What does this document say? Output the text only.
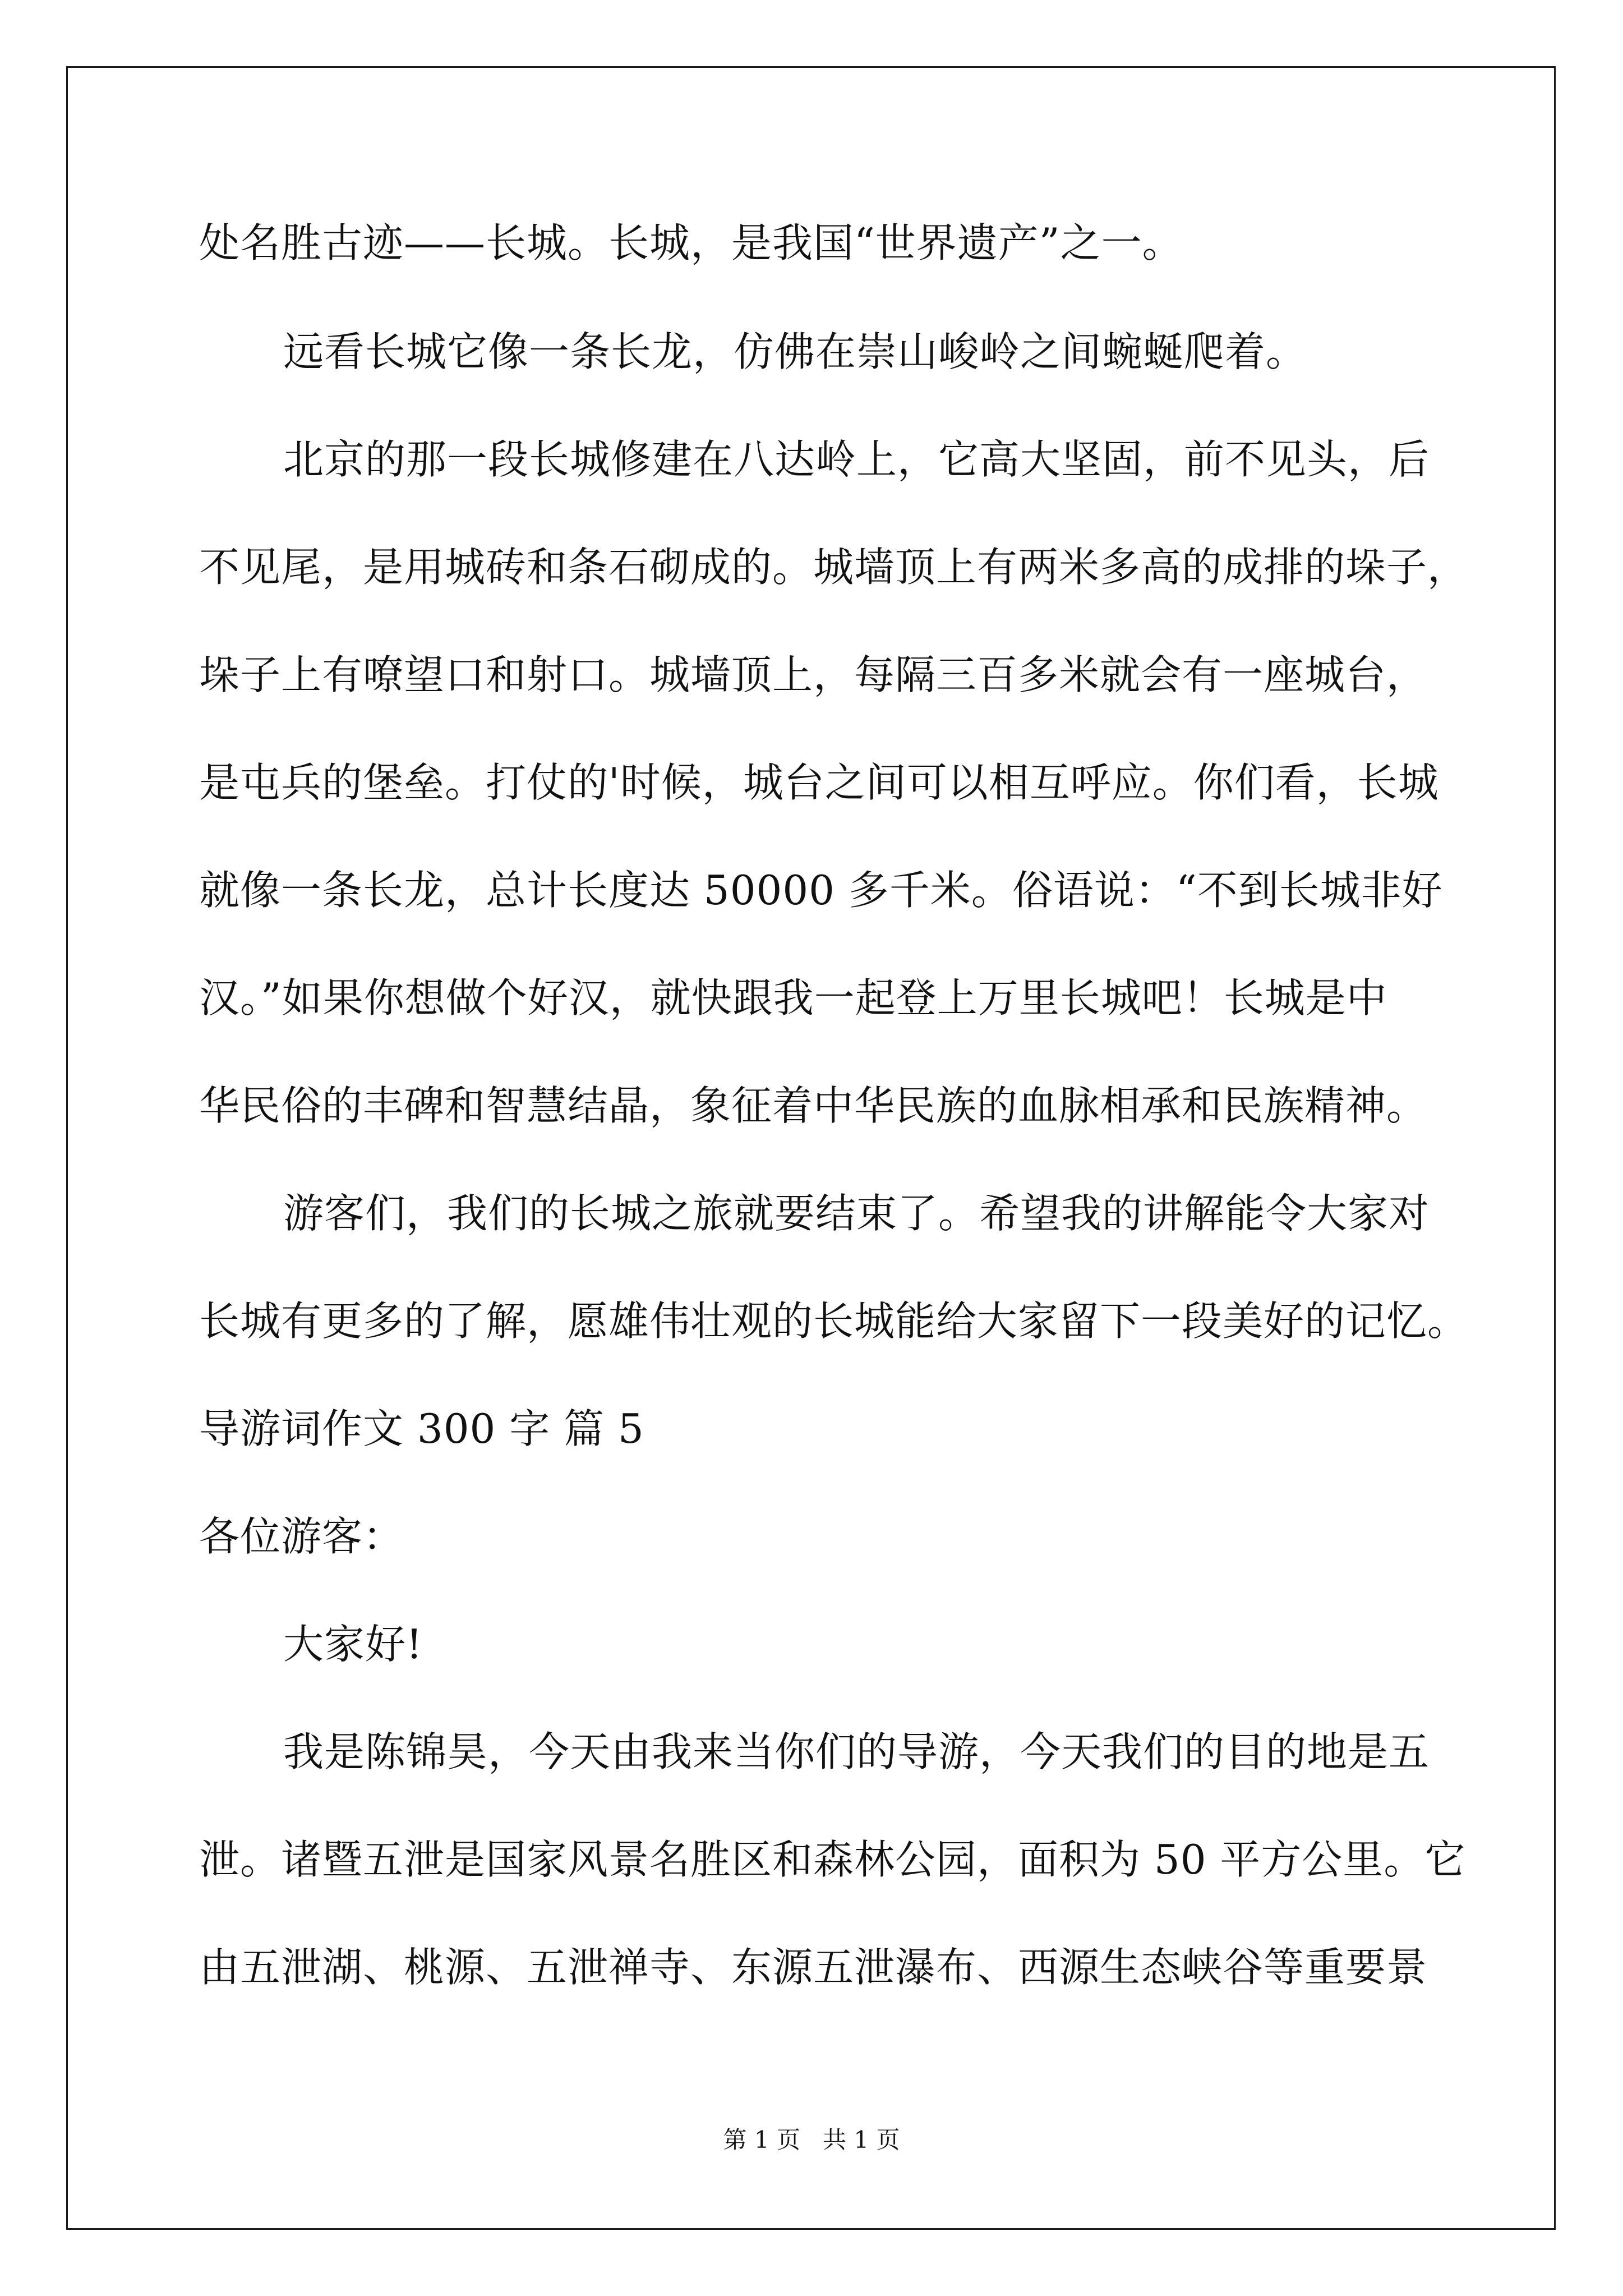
处名胜古迹——长城。长城，是我国“世界遗产”之一。

远看长城它像一条长龙，仿佛在崇山峻岭之间蜿蜒爬着。

北京的那一段长城修建在八达岭上，它高大坚固，前不见头，后

不见尾，是用城砖和条石砌成的。城墙顶上有两米多高的成排的垛子，

垛子上有嘹望口和射口。城墙顶上，每隔三百多米就会有一座城台，

是屯兵的堡垒。打仗的'时候，城台之间可以相互呼应。你们看，长城

就像一条长龙，总计长度达 50000 多千米。俗语说：“不到长城非好

汉。”如果你想做个好汉，就快跟我一起登上万里长城吧！长城是中

华民俗的丰碑和智慧结晶，象征着中华民族的血脉相承和民族精神。

游客们，我们的长城之旅就要结束了。希望我的讲解能令大家对

长城有更多的了解，愿雄伟壮观的长城能给大家留下一段美好的记忆。

导游词作文 300 字 篇 5

各位游客：

大家好!

我是陈锦昊，今天由我来当你们的导游，今天我们的目的地是五

泄。诸暨五泄是国家风景名胜区和森林公园，面积为 50 平方公里。它

由五泄湖、桃源、五泄禅寺、东源五泄瀑布、西源生态峡谷等重要景

第 1 页   共 1 页
